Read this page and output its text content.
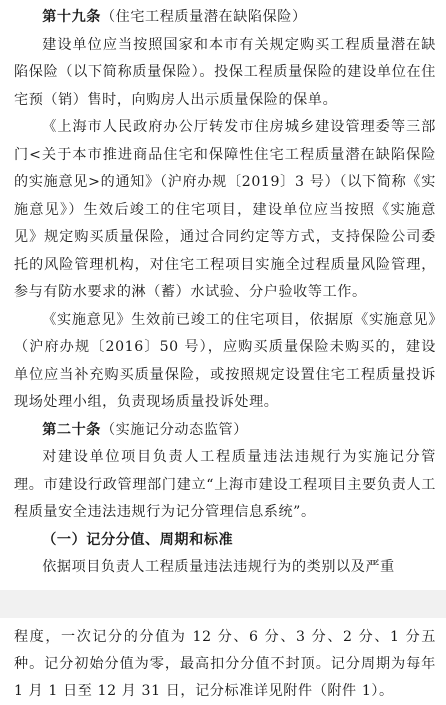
第十九条（住宅工程质量潜在缺陷保险）

建设单位应当按照国家和本市有关规定购买工程质量潜在缺陷保险（以下简称质量保险）。投保工程质量保险的建设单位在住宅预（销）售时，向购房人出示质量保险的保单。

《上海市人民政府办公厅转发市住房城乡建设管理委等三部门<关于本市推进商品住宅和保障性住宅工程质量潜在缺陷保险的实施意见>的通知》（沪府办规〔2019〕3 号）（以下简称《实施意见》）生效后竣工的住宅项目，建设单位应当按照《实施意见》规定购买质量保险，通过合同约定等方式，支持保险公司委托的风险管理机构，对住宅工程项目实施全过程质量风险管理，参与有防水要求的淋（蓄）水试验、分户验收等工作。

《实施意见》生效前已竣工的住宅项目，依据原《实施意见》（沪府办规〔2016〕50 号），应购买质量保险未购买的，建设单位应当补充购买质量保险，或按照规定设置住宅工程质量投诉现场处理小组，负责现场质量投诉处理。

第二十条（实施记分动态监管）

对建设单位项目负责人工程质量违法违规行为实施记分管理。市建设行政管理部门建立“上海市建设工程项目主要负责人工程质量安全违法违规行为记分管理信息系统”。

（一）记分分值、周期和标准

依据项目负责人工程质量违法违规行为的类别以及严重

程度，一次记分的分值为 12 分、6 分、3 分、2 分、1 分五种。记分初始分值为零，最高扣分分值不封顶。记分周期为每年 1 月 1 日至 12 月 31 日，记分标准详见附件（附件 1）。
